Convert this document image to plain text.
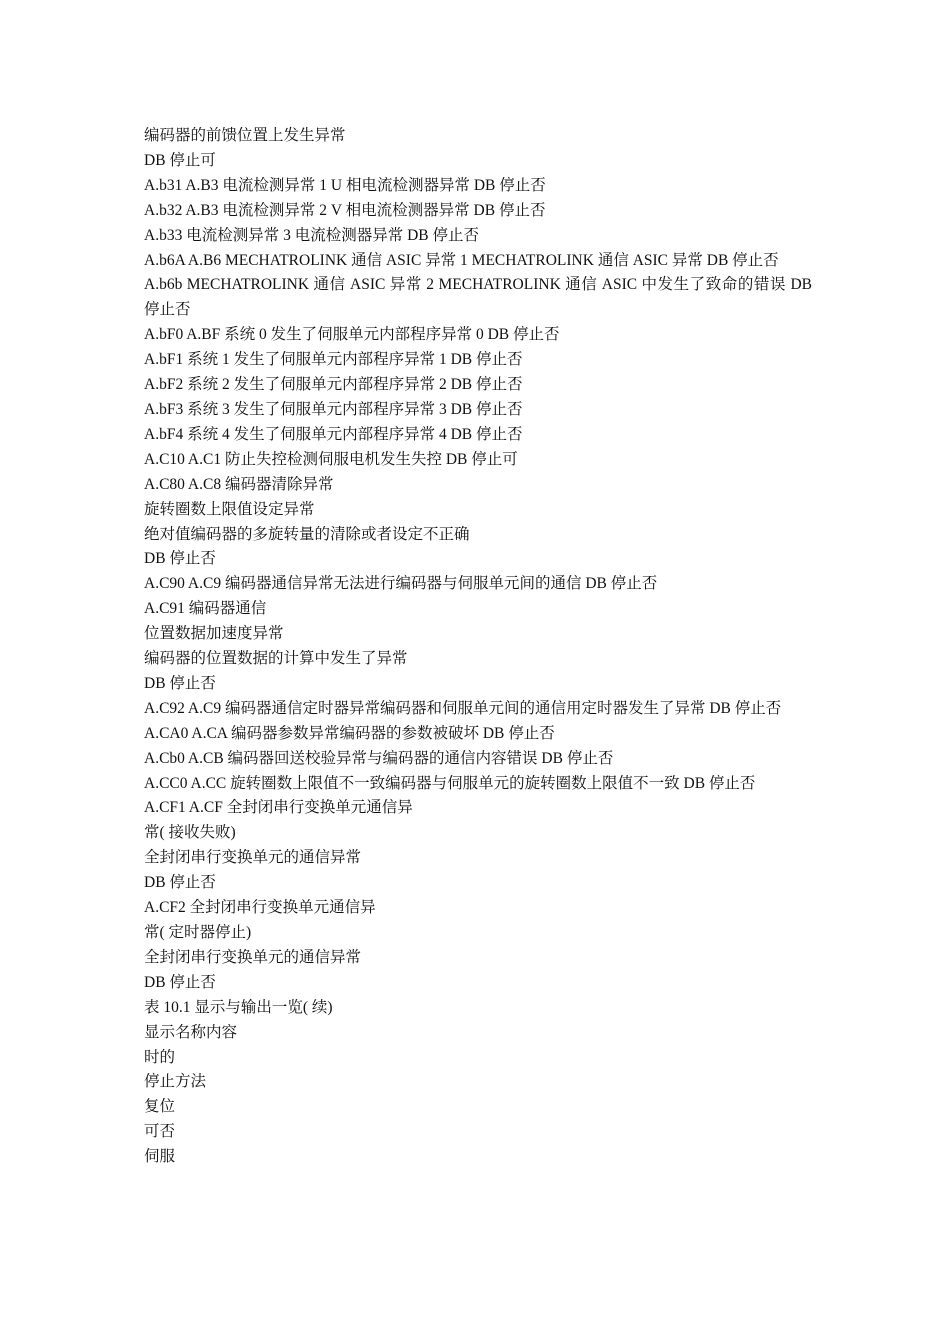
编码器的前馈位置上发生异常
DB 停止可
A.b31 A.B3 电流检测异常 1 U 相电流检测器异常 DB 停止否
A.b32 A.B3 电流检测异常 2 V 相电流检测器异常 DB 停止否
A.b33 电流检测异常 3 电流检测器异常 DB 停止否
A.b6A A.B6 MECHATROLINK 通信 ASIC 异常 1 MECHATROLINK 通信 ASIC 异常 DB 停止否
A.b6b MECHATROLINK 通信 ASIC 异常 2 MECHATROLINK 通信 ASIC 中发生了致命的错误 DB 停止否
A.bF0 A.BF 系统 0 发生了伺服单元内部程序异常 0 DB 停止否
A.bF1 系统 1 发生了伺服单元内部程序异常 1 DB 停止否
A.bF2 系统 2 发生了伺服单元内部程序异常 2 DB 停止否
A.bF3 系统 3 发生了伺服单元内部程序异常 3 DB 停止否
A.bF4 系统 4 发生了伺服单元内部程序异常 4 DB 停止否
A.C10 A.C1 防止失控检测伺服电机发生失控 DB 停止可
A.C80 A.C8 编码器清除异常
旋转圈数上限值设定异常
绝对值编码器的多旋转量的清除或者设定不正确
DB 停止否
A.C90 A.C9 编码器通信异常无法进行编码器与伺服单元间的通信 DB 停止否
A.C91 编码器通信
位置数据加速度异常
编码器的位置数据的计算中发生了异常
DB 停止否
A.C92 A.C9 编码器通信定时器异常编码器和伺服单元间的通信用定时器发生了异常 DB 停止否
A.CA0 A.CA 编码器参数异常编码器的参数被破坏 DB 停止否
A.Cb0 A.CB 编码器回送校验异常与编码器的通信内容错误 DB 停止否
A.CC0 A.CC 旋转圈数上限值不一致编码器与伺服单元的旋转圈数上限值不一致 DB 停止否
A.CF1 A.CF 全封闭串行变换单元通信异
常( 接收失败)
全封闭串行变换单元的通信异常
DB 停止否
A.CF2 全封闭串行变换单元通信异
常( 定时器停止)
全封闭串行变换单元的通信异常
DB 停止否
表 10.1 显示与输出一览( 续)
显示名称内容
时的
停止方法
复位
可否
伺服
